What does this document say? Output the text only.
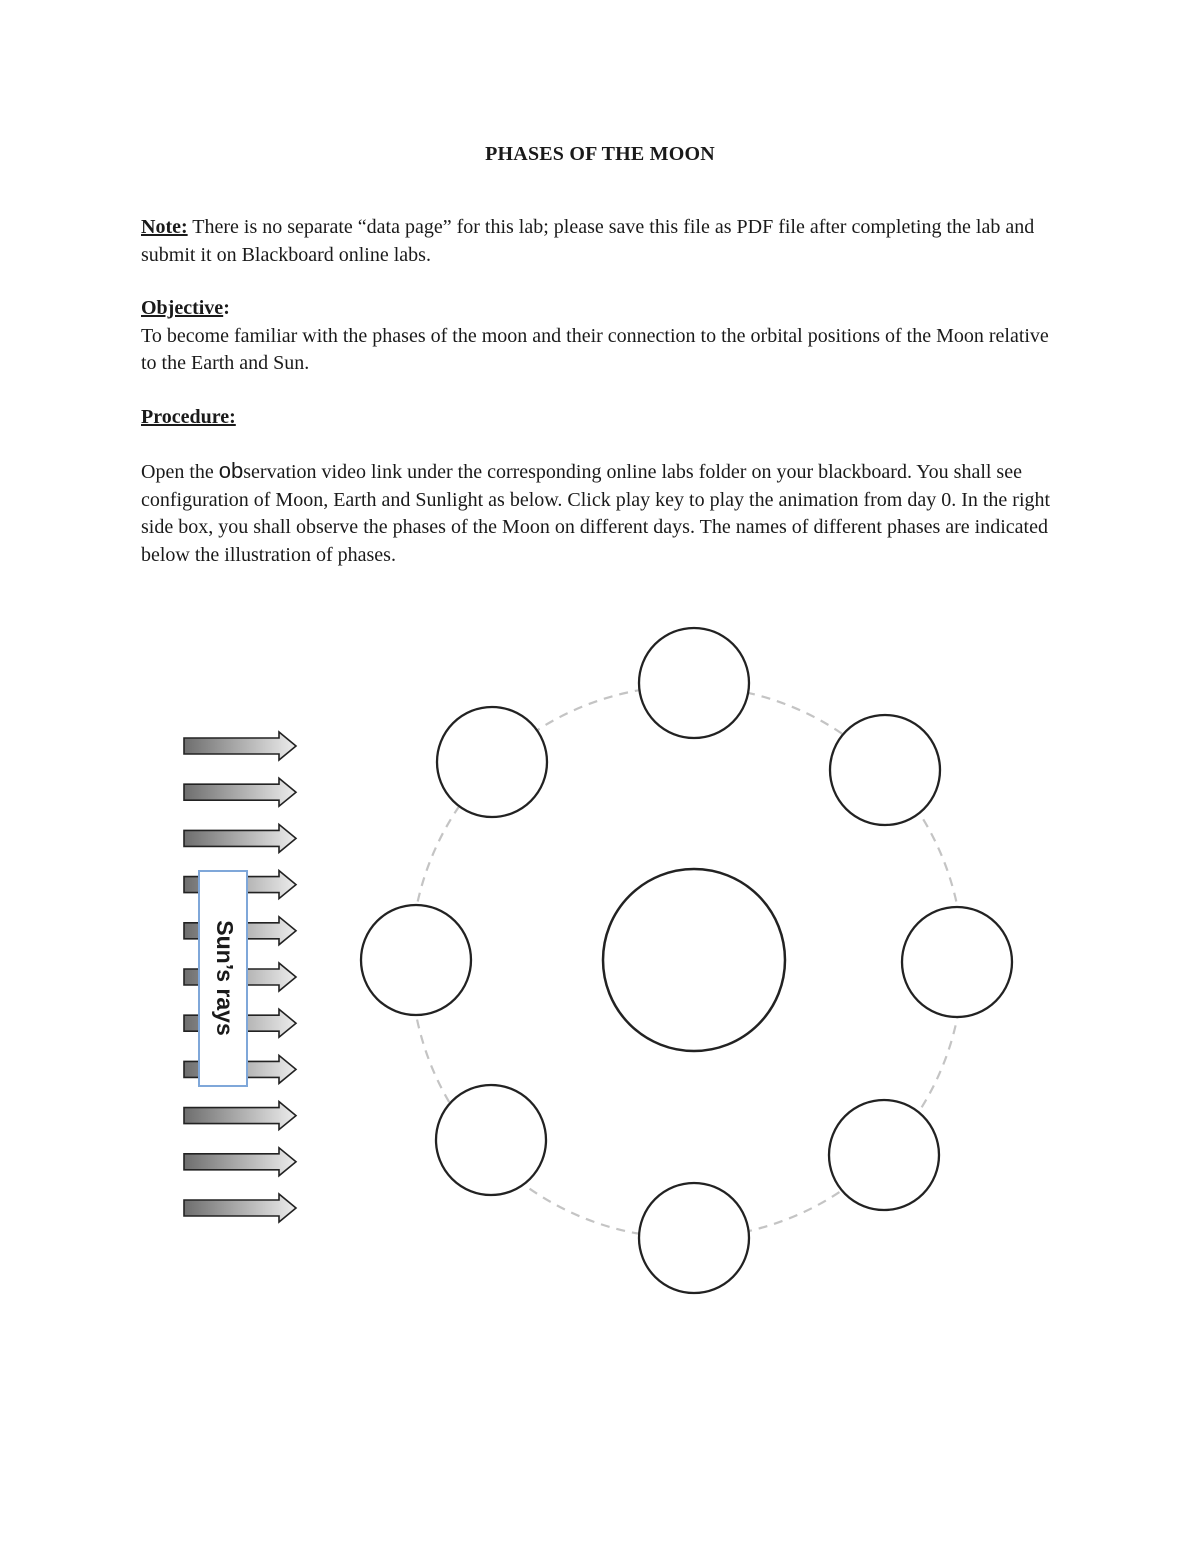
PHASES OF THE MOON
Note: There is no separate “data page” for this lab; please save this file as PDF file after completing the lab and submit it on Blackboard online labs.
Objective:
To become familiar with the phases of the moon and their connection to the orbital positions of the Moon relative to the Earth and Sun.
Procedure:
Open the observation video link under the corresponding online labs folder on your blackboard. You shall see configuration of Moon, Earth and Sunlight as below. Click play key to play the animation from day 0. In the right side box, you shall observe the phases of the Moon on different days. The names of different phases are indicated below the illustration of phases.
Sun’s rays
